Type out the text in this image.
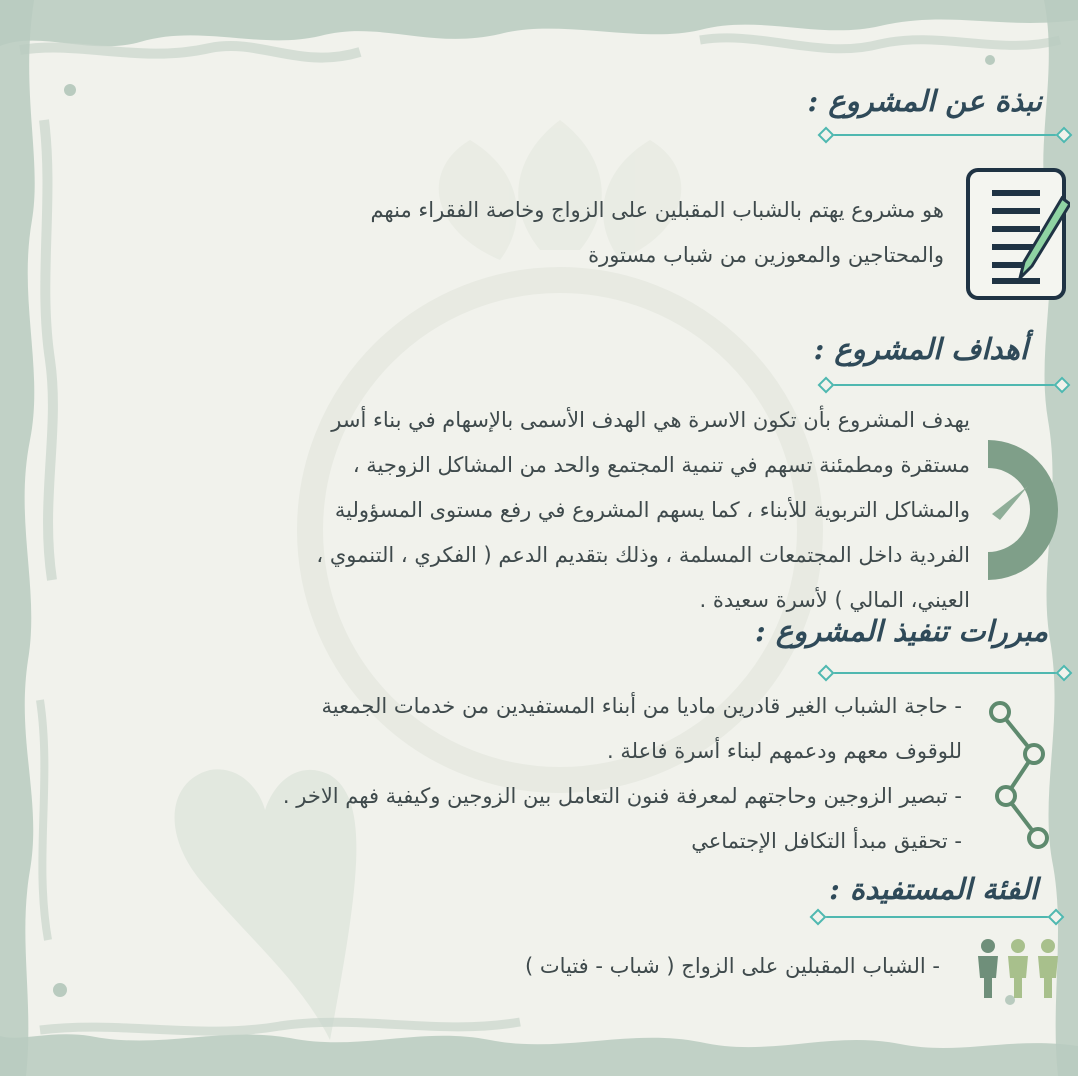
نبذة عن المشروع :
هو مشروع يهتم بالشباب المقبلين على الزواج وخاصة الفقراء منهم
والمحتاجين والمعوزين من شباب مستورة
أهداف المشروع :
يهدف المشروع بأن تكون الاسرة هي الهدف الأسمى بالإسهام في بناء أسر
مستقرة ومطمئنة تسهم في تنمية المجتمع والحد من المشاكل الزوجية ،
والمشاكل التربوية للأبناء ، كما يسهم المشروع في رفع مستوى المسؤولية
الفردية داخل المجتمعات المسلمة ، وذلك بتقديم الدعم ( الفكري ، التنموي ،
العيني، المالي ) لأسرة سعيدة .
مبررات تنفيذ المشروع :
- حاجة الشباب الغير قادرين ماديا من أبناء المستفيدين من خدمات الجمعية
للوقوف معهم ودعمهم لبناء أسرة فاعلة .
- تبصير الزوجين وحاجتهم لمعرفة فنون التعامل بين الزوجين وكيفية فهم الاخر .
- تحقيق مبدأ التكافل الإجتماعي
الفئة المستفيدة :
- الشباب المقبلين على الزواج ( شباب - فتيات )
